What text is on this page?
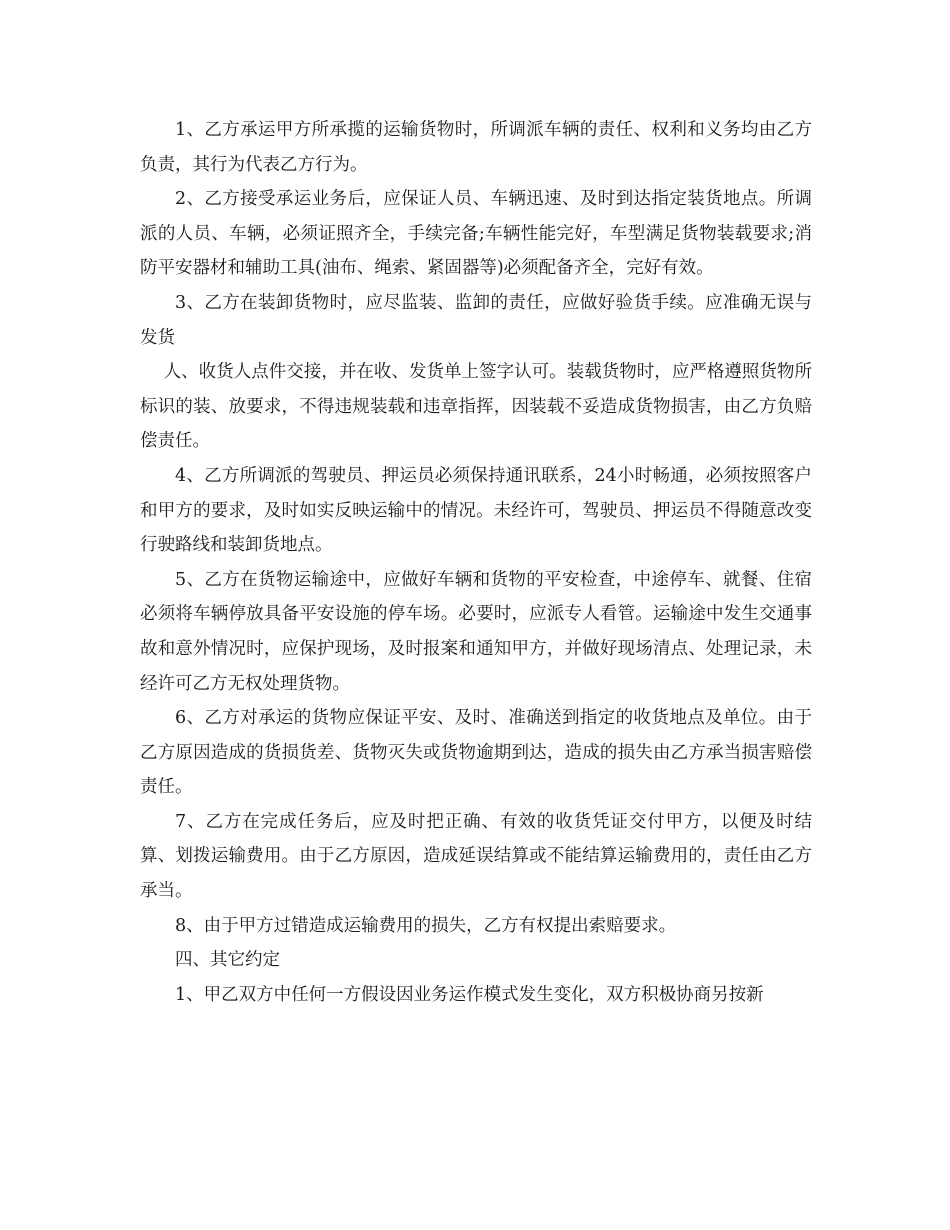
1、乙方承运甲方所承揽的运输货物时，所调派车辆的责任、权利和义务均由乙方负责，其行为代表乙方行为。

2、乙方接受承运业务后，应保证人员、车辆迅速、及时到达指定装货地点。所调派的人员、车辆，必须证照齐全，手续完备;车辆性能完好，车型满足货物装载要求;消防平安器材和辅助工具(油布、绳索、紧固器等)必须配备齐全，完好有效。

3、乙方在装卸货物时，应尽监装、监卸的责任，应做好验货手续。应准确无误与发货

人、收货人点件交接，并在收、发货单上签字认可。装载货物时，应严格遵照货物所标识的装、放要求，不得违规装载和违章指挥，因装载不妥造成货物损害，由乙方负赔偿责任。

4、乙方所调派的驾驶员、押运员必须保持通讯联系，24小时畅通，必须按照客户和甲方的要求，及时如实反映运输中的情况。未经许可，驾驶员、押运员不得随意改变行驶路线和装卸货地点。

5、乙方在货物运输途中，应做好车辆和货物的平安检查，中途停车、就餐、住宿必须将车辆停放具备平安设施的停车场。必要时，应派专人看管。运输途中发生交通事故和意外情况时，应保护现场，及时报案和通知甲方，并做好现场清点、处理记录，未经许可乙方无权处理货物。

6、乙方对承运的货物应保证平安、及时、准确送到指定的收货地点及单位。由于乙方原因造成的货损货差、货物灭失或货物逾期到达，造成的损失由乙方承当损害赔偿责任。

7、乙方在完成任务后，应及时把正确、有效的收货凭证交付甲方，以便及时结算、划拨运输费用。由于乙方原因，造成延误结算或不能结算运输费用的，责任由乙方承当。

8、由于甲方过错造成运输费用的损失，乙方有权提出索赔要求。

四、其它约定

1、甲乙双方中任何一方假设因业务运作模式发生变化，双方积极协商另按新
